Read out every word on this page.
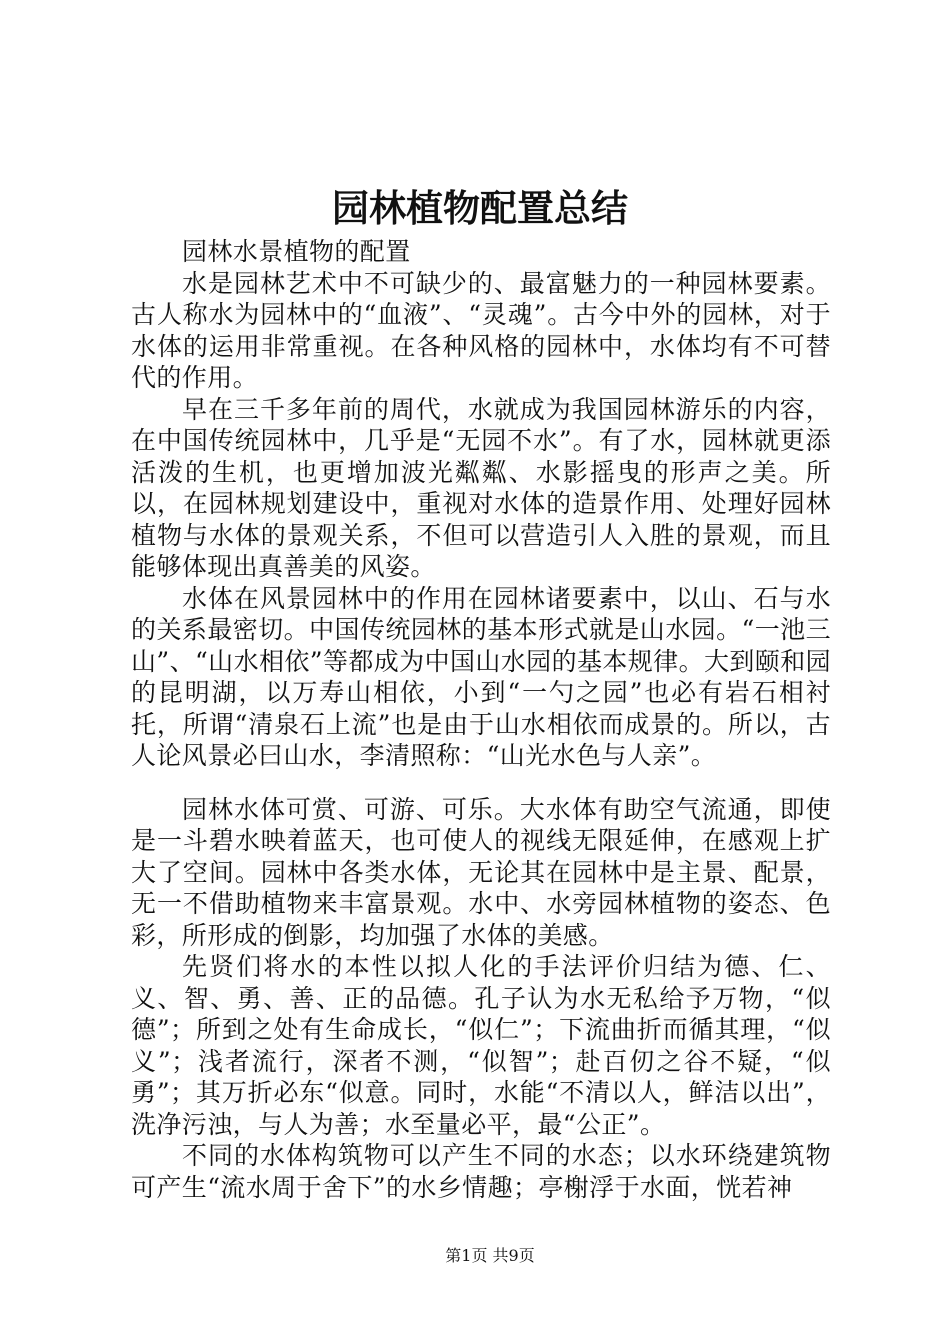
园林植物配置总结

园林水景植物的配置

水是园林艺术中不可缺少的、最富魅力的一种园林要素。古人称水为园林中的“血液”、“灵魂”。古今中外的园林，对于水体的运用非常重视。在各种风格的园林中，水体均有不可替代的作用。

早在三千多年前的周代，水就成为我国园林游乐的内容，在中国传统园林中，几乎是“无园不水”。有了水，园林就更添活泼的生机，也更增加波光粼粼、水影摇曳的形声之美。所以，在园林规划建设中，重视对水体的造景作用、处理好园林植物与水体的景观关系，不但可以营造引人入胜的景观，而且能够体现出真善美的风姿。

水体在风景园林中的作用在园林诸要素中，以山、石与水的关系最密切。中国传统园林的基本形式就是山水园。“一池三山”、“山水相依”等都成为中国山水园的基本规律。大到颐和园的昆明湖，以万寿山相依，小到“一勺之园”也必有岩石相衬托，所谓“清泉石上流”也是由于山水相依而成景的。所以，古人论风景必曰山水，李清照称：“山光水色与人亲”。

园林水体可赏、可游、可乐。大水体有助空气流通，即使是一斗碧水映着蓝天，也可使人的视线无限延伸，在感观上扩大了空间。园林中各类水体，无论其在园林中是主景、配景，无一不借助植物来丰富景观。水中、水旁园林植物的姿态、色彩，所形成的倒影，均加强了水体的美感。

先贤们将水的本性以拟人化的手法评价归结为德、仁、义、智、勇、善、正的品德。孔子认为水无私给予万物，“似德”；所到之处有生命成长，“似仁”；下流曲折而循其理，“似义”；浅者流行，深者不测，“似智”；赴百仞之谷不疑，“似勇”；其万折必东“似意。同时，水能“不清以人，鲜洁以出”，洗净污浊，与人为善；水至量必平，最“公正”。

不同的水体构筑物可以产生不同的水态；以水环绕建筑物可产生“流水周于舍下”的水乡情趣；亭榭浮于水面，恍若神

第1页 共9页
